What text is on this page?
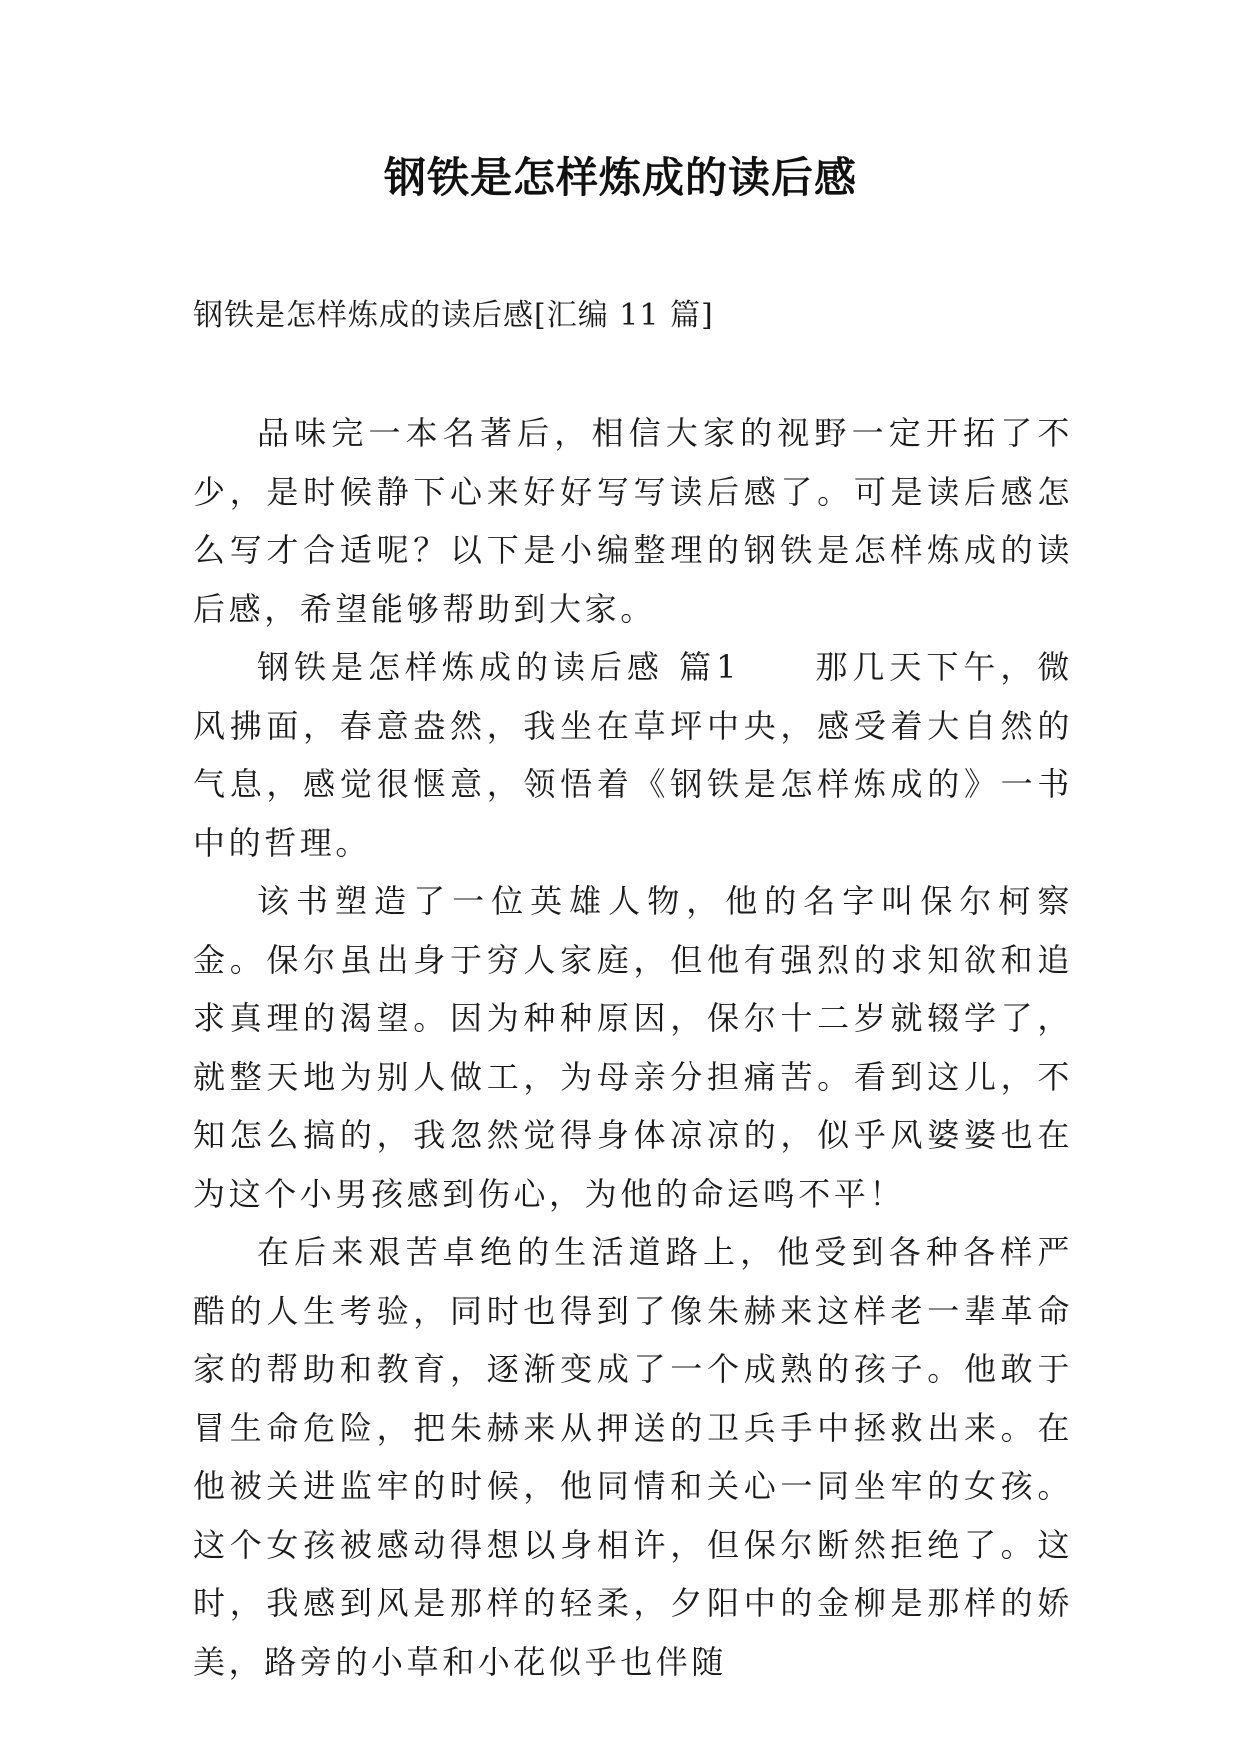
钢铁是怎样炼成的读后感
钢铁是怎样炼成的读后感[汇编 11 篇]

品味完一本名著后，相信大家的视野一定开拓了不少，是时候静下心来好好写写读后感了。可是读后感怎么写才合适呢？以下是小编整理的钢铁是怎样炼成的读后感，希望能够帮助到大家。

钢铁是怎样炼成的读后感 篇1　　那几天下午，微风拂面，春意盎然，我坐在草坪中央，感受着大自然的气息，感觉很惬意，领悟着《钢铁是怎样炼成的》一书中的哲理。

该书塑造了一位英雄人物，他的名字叫保尔柯察金。保尔虽出身于穷人家庭，但他有强烈的求知欲和追求真理的渴望。因为种种原因，保尔十二岁就辍学了，就整天地为别人做工，为母亲分担痛苦。看到这儿，不知怎么搞的，我忽然觉得身体凉凉的，似乎风婆婆也在为这个小男孩感到伤心，为他的命运鸣不平！

在后来艰苦卓绝的生活道路上，他受到各种各样严酷的人生考验，同时也得到了像朱赫来这样老一辈革命家的帮助和教育，逐渐变成了一个成熟的孩子。他敢于冒生命危险，把朱赫来从押送的卫兵手中拯救出来。在他被关进监牢的时候，他同情和关心一同坐牢的女孩。这个女孩被感动得想以身相许，但保尔断然拒绝了。这时，我感到风是那样的轻柔，夕阳中的金柳是那样的娇美，路旁的小草和小花似乎也伴随
